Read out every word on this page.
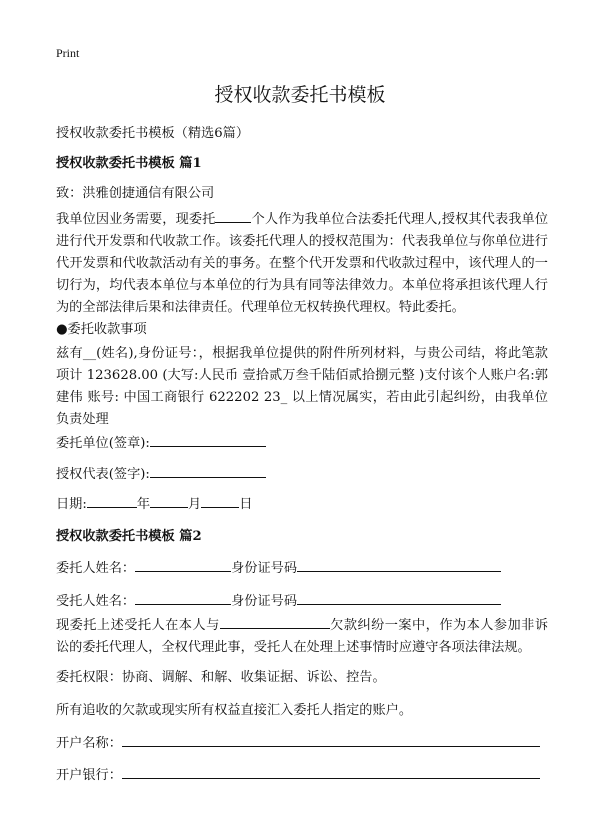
Print
授权收款委托书模板
授权收款委托书模板（精选6篇）
授权收款委托书模板 篇1
致：洪雅创捷通信有限公司
我单位因业务需要，现委托	个人作为我单位合法委托代理人,授权其代表我单位进行代开发票和代收款工作。该委托代理人的授权范围为：代表我单位与你单位进行代开发票和代收款活动有关的事务。在整个代开发票和代收款过程中，该代理人的一切行为，均代表本单位与本单位的行为具有同等法律效力。本单位将承担该代理人行为的全部法律后果和法律责任。代理单位无权转换代理权。特此委托。
●委托收款事项
兹有__(姓名),身份证号：，根据我单位提供的附件所列材料，与贵公司结，将此笔款项计 123628.00 (大写:人民币 壹拾贰万叁千陆佰贰拾捌元整 )支付该个人账户名:郭建伟 账号: 中国工商银行 622202 23_ 以上情况属实，若由此引起纠纷，由我单位负责处理
委托单位(签章):
授权代表(签字):
日期:	年	月	日
授权收款委托书模板 篇2
委托人姓名：	身份证号码
受托人姓名：	身份证号码
现委托上述受托人在本人与	欠款纠纷一案中，作为本人参加非诉讼的委托代理人，全权代理此事，受托人在处理上述事情时应遵守各项法律法规。
委托权限：协商、调解、和解、收集证据、诉讼、控告。
所有追收的欠款或现实所有权益直接汇入委托人指定的账户。
开户名称：
开户银行：
